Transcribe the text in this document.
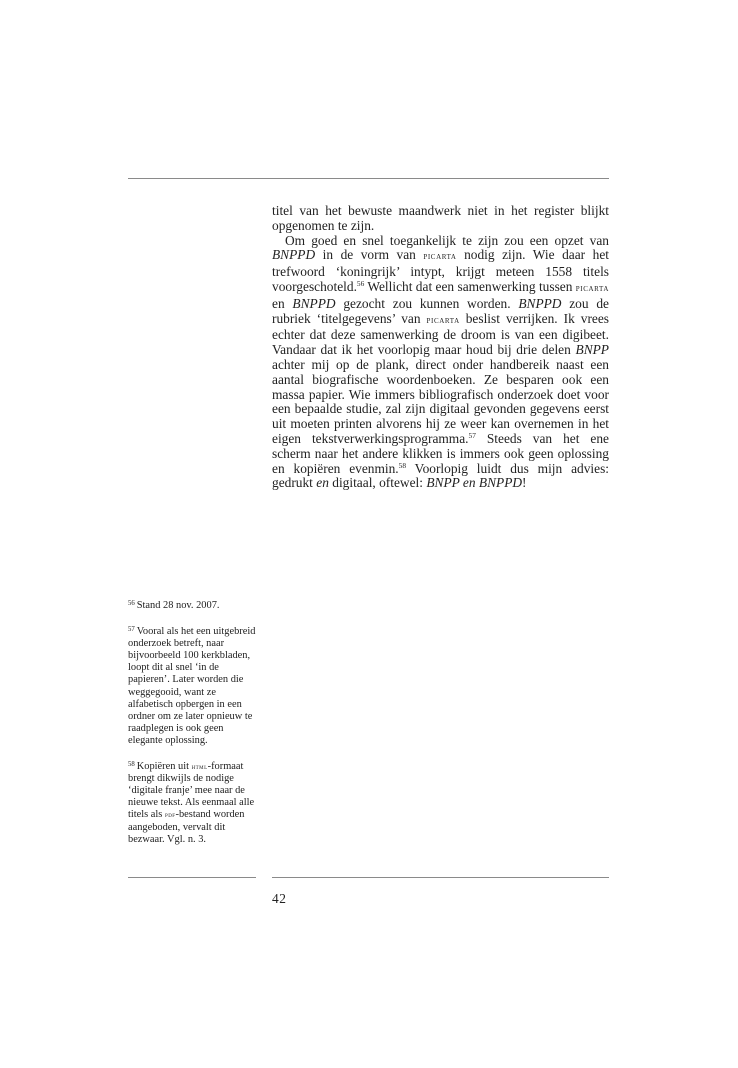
titel van het bewuste maandwerk niet in het register blijkt opgenomen te zijn.

Om goed en snel toegankelijk te zijn zou een opzet van BNPPD in de vorm van picarta nodig zijn. Wie daar het trefwoord ‘koningrijk’ intypt, krijgt meteen 1558 titels voorgeschoteld.$^{56}$ Wellicht dat een samenwerking tussen picarta en BNPPD gezocht zou kunnen worden. BNPPD zou de rubriek ‘titelgegevens’ van picarta beslist verrijken. Ik vrees echter dat deze samenwerking de droom is van een digibeet. Vandaar dat ik het voorlopig maar houd bij drie delen BNPP achter mij op de plank, direct onder handbereik naast een aantal biografische woordenboeken. Ze besparen ook een massa papier. Wie immers bibliografisch onderzoek doet voor een bepaalde studie, zal zijn digitaal gevonden gegevens eerst uit moeten printen alvorens hij ze weer kan overnemen in het eigen tekstverwerkingsprogramma.$^{57}$ Steeds van het ene scherm naar het andere klikken is immers ook geen oplossing en kopiëren evenmin.$^{58}$ Voorlopig luidt dus mijn advies: gedrukt en digitaal, oftewel: BNPP en BNPPD!

$^{56}$ Stand 28 nov. 2007.

$^{57}$ Vooral als het een uitgebreid onderzoek betreft, naar bijvoorbeeld 100 kerkbladen, loopt dit al snel ‘in de papieren’. Later worden die weggegooid, want ze alfabetisch opbergen in een ordner om ze later opnieuw te raadplegen is ook geen elegante oplossing.

$^{58}$ Kopiëren uit html-formaat brengt dikwijls de nodige ‘digitale franje’ mee naar de nieuwe tekst. Als eenmaal alle titels als pdf-bestand worden aangeboden, vervalt dit bezwaar. Vgl. n. 3.

42
